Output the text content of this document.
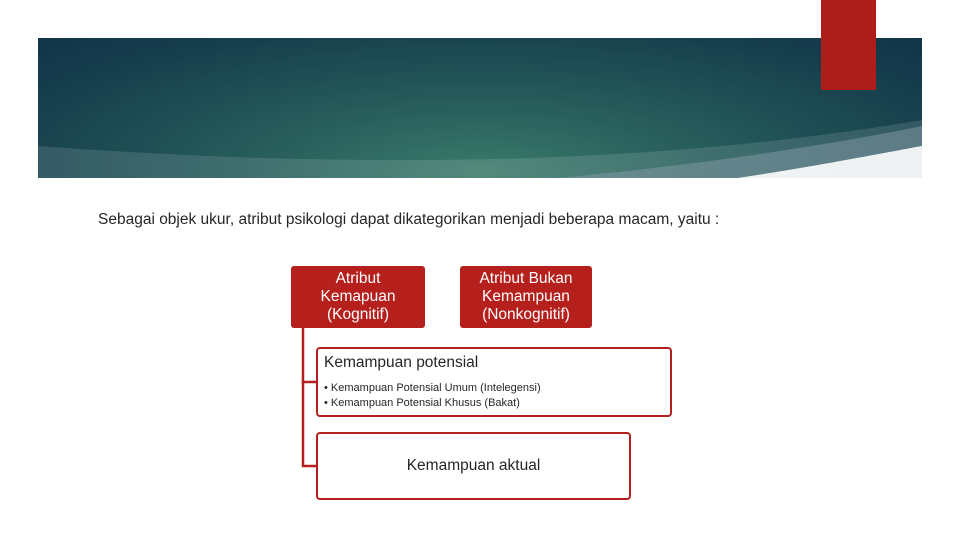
Sebagai objek ukur, atribut psikologi dapat dikategorikan menjadi beberapa macam, yaitu :
Atribut
Kemapuan
(Kognitif)
Atribut Bukan
Kemampuan
(Nonkognitif)
Kemampuan potensial
• Kemampuan Potensial Umum (Intelegensi)
• Kemampuan Potensial Khusus (Bakat)
Kemampuan aktual
